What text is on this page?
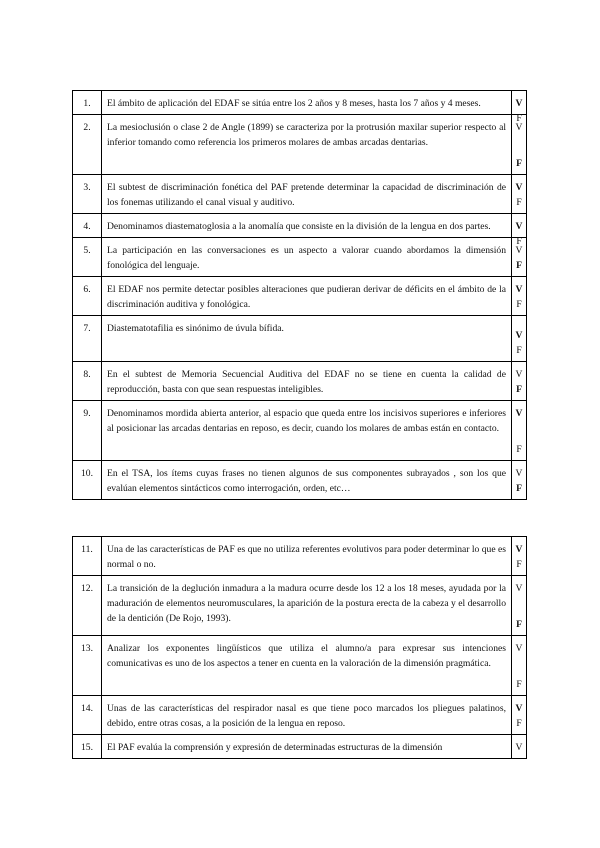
1.	El ámbito de aplicación del EDAF se sitúa entre los 2 años y 8 meses, hasta los 7 años y 4 meses.	V
F

2.	La mesioclusión o clase 2 de Angle (1899) se caracteriza por la protrusión maxilar superior respecto al inferior tomando como referencia los primeros molares de ambas arcadas dentarias.	V
F

3.	El subtest de discriminación fonética del PAF pretende determinar la capacidad de discriminación de los fonemas utilizando el canal visual y auditivo.	V
F

4.	Denominamos diastematoglosia a la anomalía que consiste en la división de la lengua en dos partes.	V
F

5.	La participación en las conversaciones es un aspecto a valorar cuando abordamos la dimensión fonológica del lenguaje.	V
F

6.	El EDAF nos permite detectar posibles alteraciones que pudieran derivar de déficits en el ámbito de la discriminación auditiva y fonológica.	V
F

7.	Diastematotafilia es sinónimo de úvula bífida.	V
F

8.	En el subtest de Memoria Secuencial Auditiva del EDAF no se tiene en cuenta la calidad de reproducción, basta con que sean respuestas inteligibles.	V
F

9.	Denominamos mordida abierta anterior, al espacio que queda entre los incisivos superiores e inferiores al posicionar las arcadas dentarias en reposo, es decir, cuando los molares de ambas están en contacto.	V
F

10.	En el TSA, los ítems cuyas frases no tienen algunos de sus componentes subrayados , son los que evalúan elementos sintácticos como interrogación, orden, etc…	V
F
11.	Una de las características de PAF es que no utiliza referentes evolutivos para poder determinar lo que es normal o no.	V
F

12.	La transición de la deglución inmadura a la madura ocurre desde los 12 a los 18 meses, ayudada por la maduración de elementos neuromusculares, la aparición de la postura erecta de la cabeza y el desarrollo de la dentición (De Rojo, 1993).	V
F

13.	Analizar los exponentes lingüísticos que utiliza el alumno/a para expresar sus intenciones comunicativas es uno de los aspectos a tener en cuenta en la valoración de la dimensión pragmática.	V
F

14.	Unas de las características del respirador nasal es que tiene poco marcados los pliegues palatinos, debido, entre otras cosas, a la posición de la lengua en reposo.	V
F

15.	El PAF evalúa la comprensión y expresión de determinadas estructuras de la dimensión	V
